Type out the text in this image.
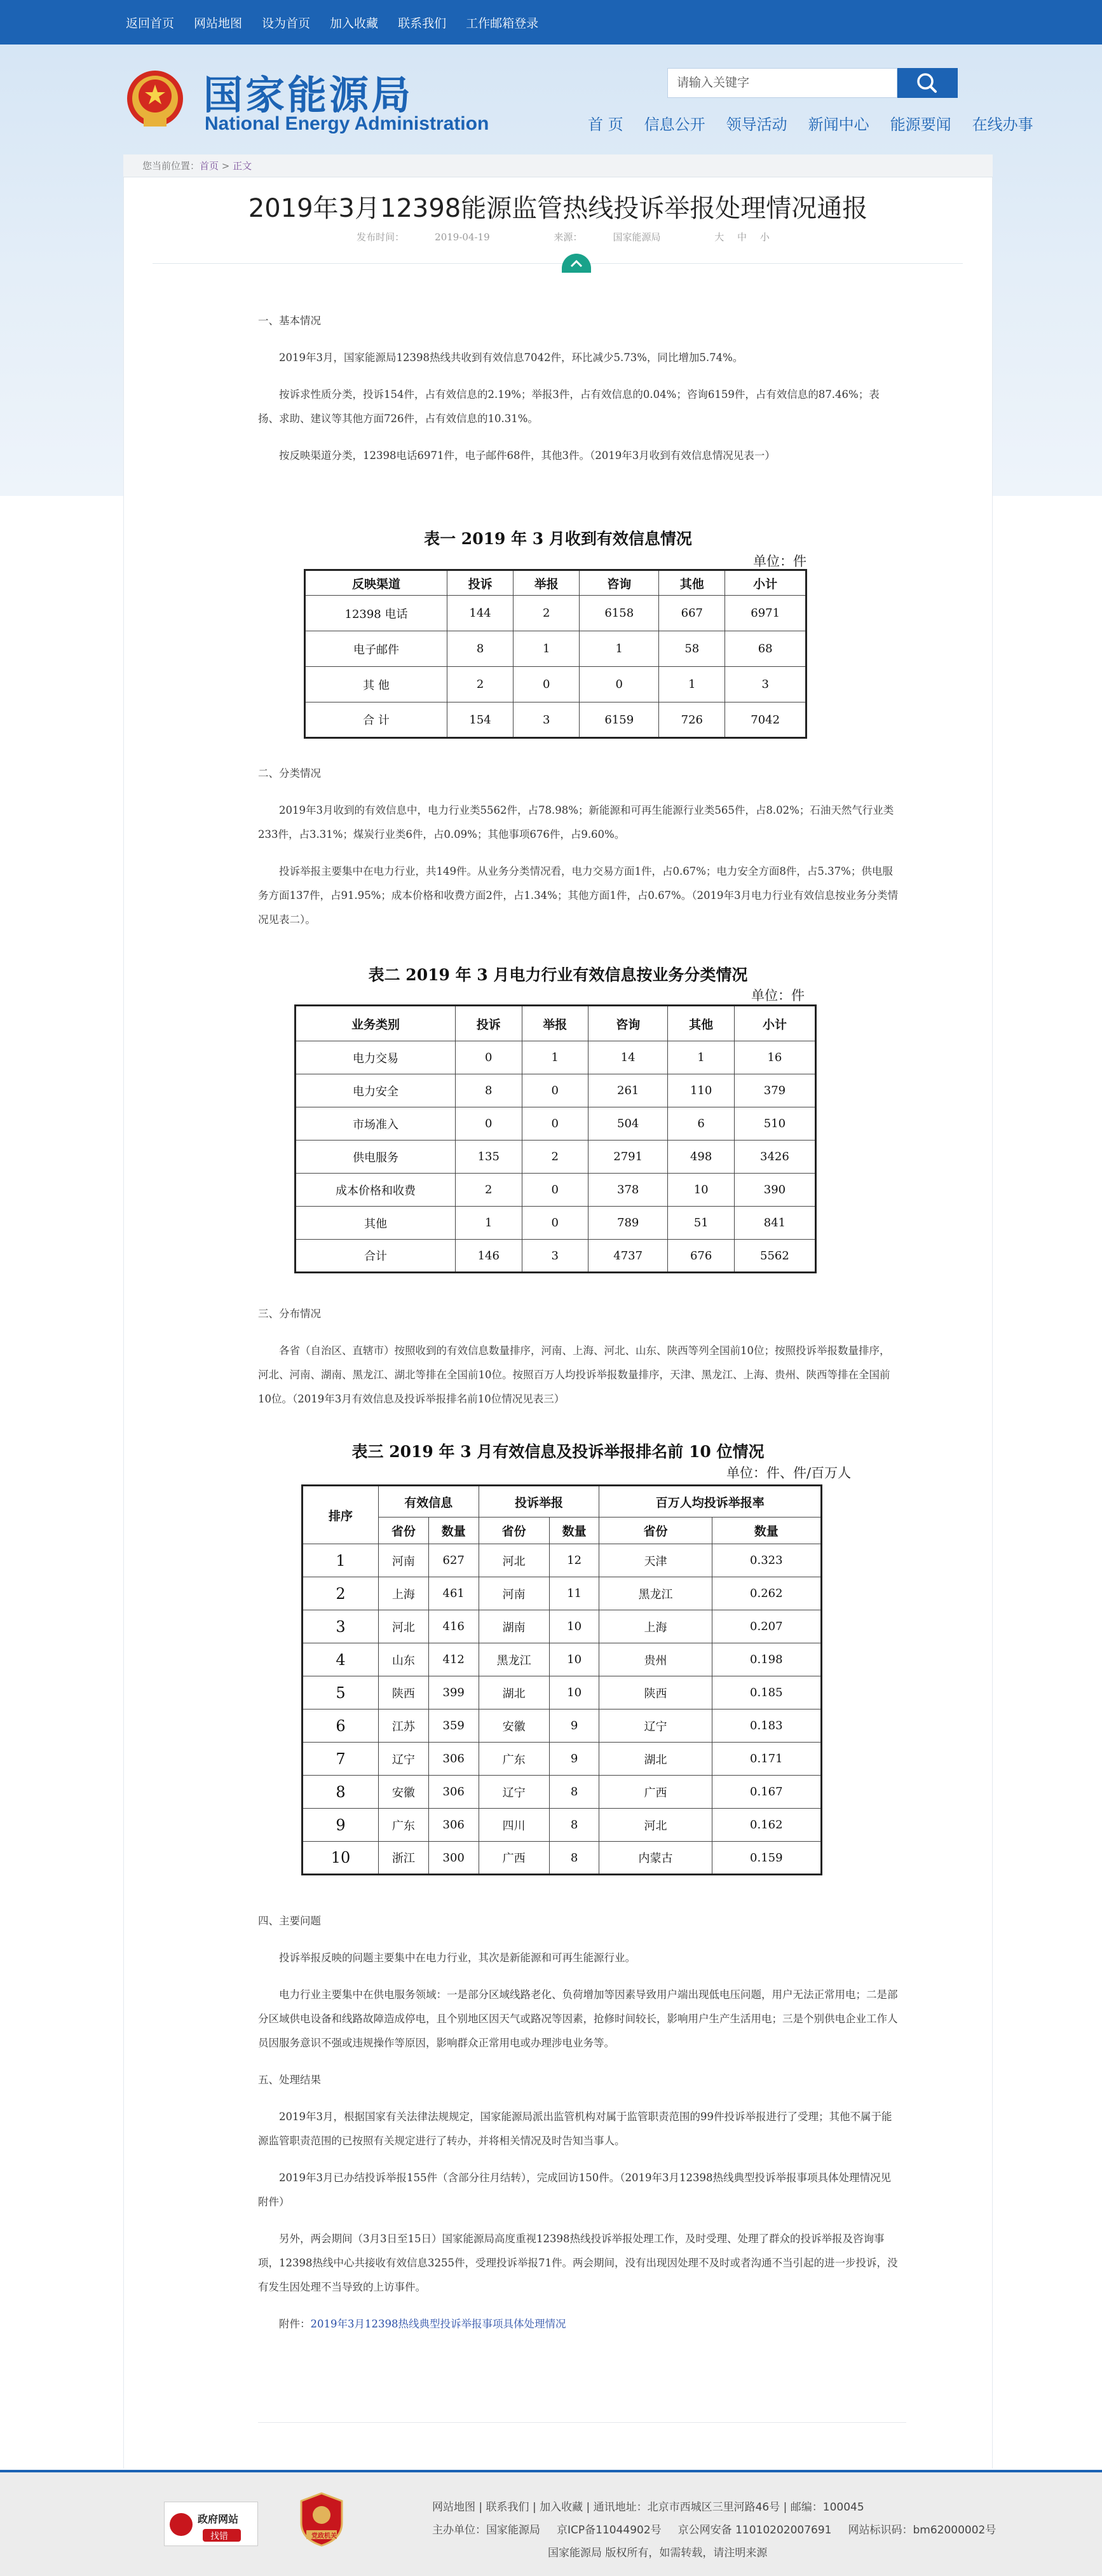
返回首页 网站地图 设为首页 加入收藏 联系我们 工作邮箱登录
国家能源局
National Energy Administration
请输入关键字
首 页 信息公开 领导活动 新闻中心 能源要闻 在线办事
您当前位置：首页 > 正文
2019年3月12398能源监管热线投诉举报处理情况通报
发布时间：	2019-04-19	来源：	国家能源局	大 中 小

一、基本情况

　　2019年3月，国家能源局12398热线共收到有效信息7042件，环比减少5.73%，同比增加5.74%。

　　按诉求性质分类，投诉154件，占有效信息的2.19%；举报3件，占有效信息的0.04%；咨询6159件，占有效信息的87.46%；表扬、求助、建议等其他方面726件，占有效信息的10.31%。

　　按反映渠道分类，12398电话6971件，电子邮件68件，其他3件。（2019年3月收到有效信息情况见表一）

表一 2019 年 3 月收到有效信息情况
单位：件
反映渠道	投诉	举报	咨询	其他	小计
12398 电话	144	2	6158	667	6971
电子邮件	8	1	1	58	68
其 他	2	0	0	1	3
合 计	154	3	6159	726	7042

二、分类情况

　　2019年3月收到的有效信息中，电力行业类5562件，占78.98%；新能源和可再生能源行业类565件，占8.02%；石油天然气行业类233件，占3.31%；煤炭行业类6件，占0.09%；其他事项676件，占9.60%。

　　投诉举报主要集中在电力行业，共149件。从业务分类情况看，电力交易方面1件，占0.67%；电力安全方面8件，占5.37%；供电服务方面137件，占91.95%；成本价格和收费方面2件，占1.34%；其他方面1件，占0.67%。（2019年3月电力行业有效信息按业务分类情况见表二）。

表二 2019 年 3 月电力行业有效信息按业务分类情况
单位：件
业务类别	投诉	举报	咨询	其他	小计
电力交易	0	1	14	1	16
电力安全	8	0	261	110	379
市场准入	0	0	504	6	510
供电服务	135	2	2791	498	3426
成本价格和收费	2	0	378	10	390
其他	1	0	789	51	841
合计	146	3	4737	676	5562

三、分布情况

　　各省（自治区、直辖市）按照收到的有效信息数量排序，河南、上海、河北、山东、陕西等列全国前10位；按照投诉举报数量排序，河北、河南、湖南、黑龙江、湖北等排在全国前10位。按照百万人均投诉举报数量排序，天津、黑龙江、上海、贵州、陕西等排在全国前10位。（2019年3月有效信息及投诉举报排名前10位情况见表三）

表三 2019 年 3 月有效信息及投诉举报排名前 10 位情况
单位：件、件/百万人
排序	有效信息		投诉举报		百万人均投诉举报率	
	省份	数量	省份	数量	省份	数量
1	河南	627	河北	12	天津	0.323
2	上海	461	河南	11	黑龙江	0.262
3	河北	416	湖南	10	上海	0.207
4	山东	412	黑龙江	10	贵州	0.198
5	陕西	399	湖北	10	陕西	0.185
6	江苏	359	安徽	9	辽宁	0.183
7	辽宁	306	广东	9	湖北	0.171
8	安徽	306	辽宁	8	广西	0.167
9	广东	306	四川	8	河北	0.162
10	浙江	300	广西	8	内蒙古	0.159

四、主要问题

　　投诉举报反映的问题主要集中在电力行业，其次是新能源和可再生能源行业。

　　电力行业主要集中在供电服务领域：一是部分区域线路老化、负荷增加等因素导致用户端出现低电压问题，用户无法正常用电；二是部分区域供电设备和线路故障造成停电，且个别地区因天气或路况等因素，抢修时间较长，影响用户生产生活用电；三是个别供电企业工作人员因服务意识不强或违规操作等原因，影响群众正常用电或办理涉电业务等。

五、处理结果

　　2019年3月，根据国家有关法律法规规定，国家能源局派出监管机构对属于监管职责范围的99件投诉举报进行了受理；其他不属于能源监管职责范围的已按照有关规定进行了转办，并将相关情况及时告知当事人。

　　2019年3月已办结投诉举报155件（含部分往月结转），完成回访150件。（2019年3月12398热线典型投诉举报事项具体处理情况见附件）

　　另外，两会期间（3月3日至15日）国家能源局高度重视12398热线投诉举报处理工作，及时受理、处理了群众的投诉举报及咨询事项，12398热线中心共接收有效信息3255件，受理投诉举报71件。两会期间，没有出现因处理不及时或者沟通不当引起的进一步投诉，没有发生因处理不当导致的上访事件。

　　附件：2019年3月12398热线典型投诉举报事项具体处理情况

网站地图 | 联系我们 | 加入收藏 | 通讯地址：北京市西城区三里河路46号 | 邮编：100045
主办单位：国家能源局 京ICP备11044902号 京公网安备 11010202007691 网站标识码：bm62000002号
国家能源局 版权所有，如需转载，请注明来源
政府网站
找错	党政机关
